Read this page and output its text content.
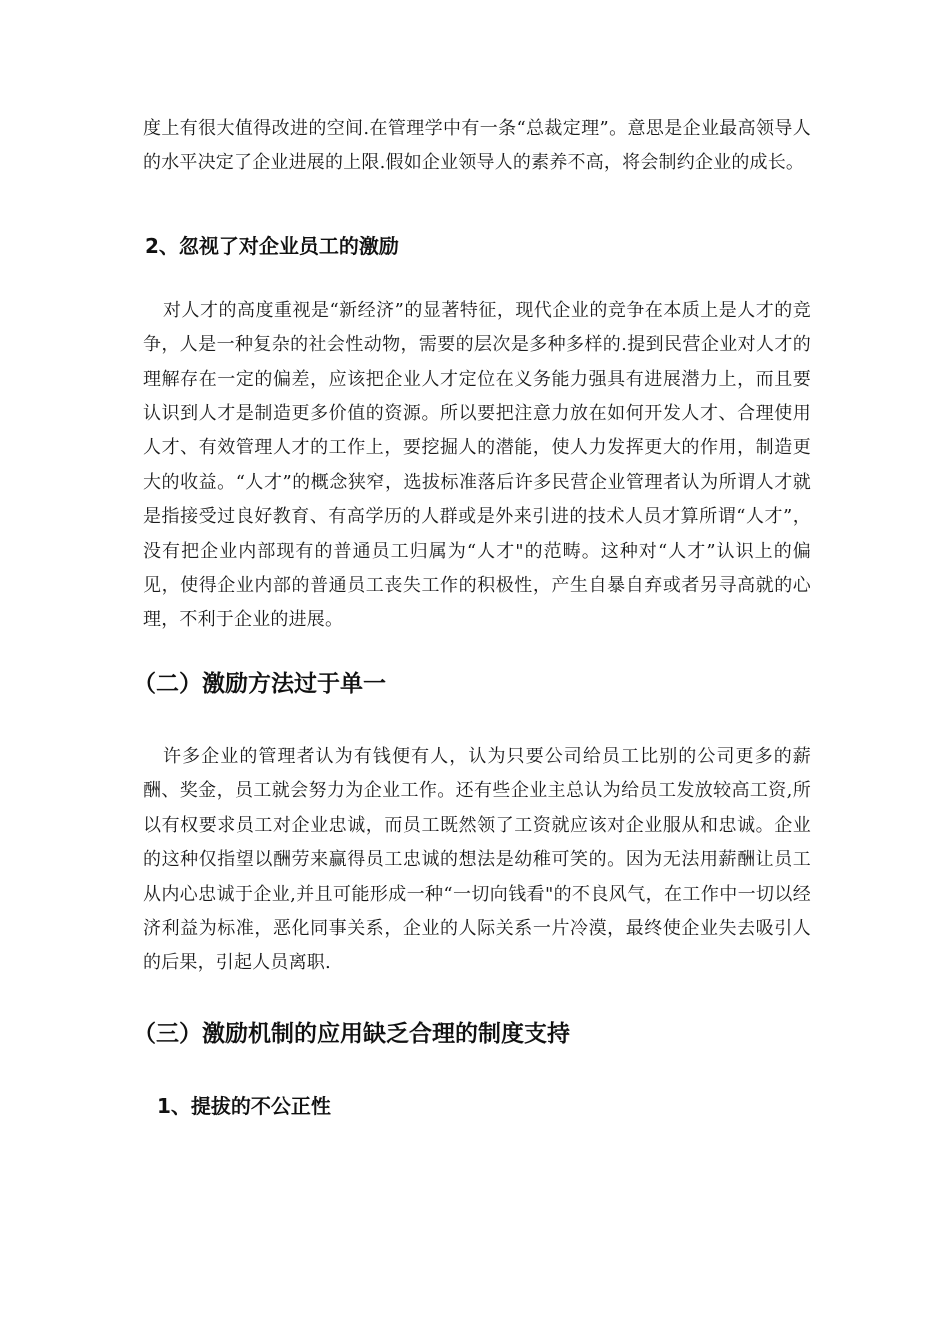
度上有很大值得改进的空间.在管理学中有一条“总裁定理”。意思是企业最高领导人的水平决定了企业进展的上限.假如企业领导人的素养不高，将会制约企业的成长。

2、忽视了对企业员工的激励

对人才的高度重视是“新经济”的显著特征，现代企业的竞争在本质上是人才的竞争，人是一种复杂的社会性动物，需要的层次是多种多样的.提到民营企业对人才的理解存在一定的偏差，应该把企业人才定位在义务能力强具有进展潜力上，而且要认识到人才是制造更多价值的资源。所以要把注意力放在如何开发人才、合理使用人才、有效管理人才的工作上，要挖掘人的潜能，使人力发挥更大的作用，制造更大的收益。“人才”的概念狭窄，选拔标准落后许多民营企业管理者认为所谓人才就是指接受过良好教育、有高学历的人群或是外来引进的技术人员才算所谓“人才”，没有把企业内部现有的普通员工归属为“人才"的范畴。这种对“人才”认识上的偏见，使得企业内部的普通员工丧失工作的积极性，产生自暴自弃或者另寻高就的心理，不利于企业的进展。

（二）激励方法过于单一

许多企业的管理者认为有钱便有人，认为只要公司给员工比别的公司更多的薪酬、奖金，员工就会努力为企业工作。还有些企业主总认为给员工发放较高工资,所以有权要求员工对企业忠诚，而员工既然领了工资就应该对企业服从和忠诚。企业的这种仅指望以酬劳来赢得员工忠诚的想法是幼稚可笑的。因为无法用薪酬让员工从内心忠诚于企业,并且可能形成一种“一切向钱看"的不良风气，在工作中一切以经济利益为标准，恶化同事关系，企业的人际关系一片冷漠，最终使企业失去吸引人的后果，引起人员离职.

（三）激励机制的应用缺乏合理的制度支持
1、提拔的不公正性
